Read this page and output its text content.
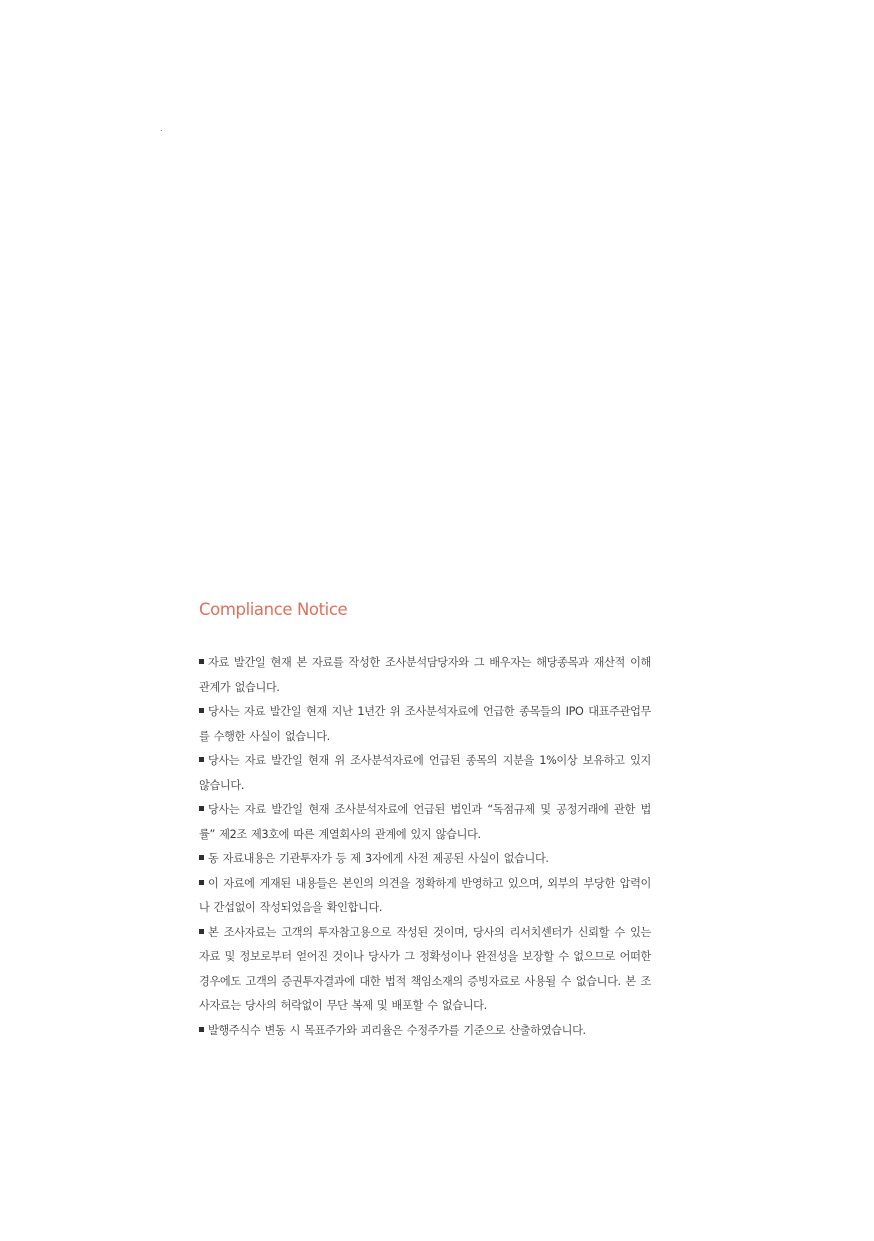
.
Compliance Notice
자료 발간일 현재 본 자료를 작성한 조사분석담당자와 그 배우자는 해당종목과 재산적 이해관계가 없습니다.
당사는 자료 발간일 현재 지난 1년간 위 조사분석자료에 언급한 종목들의 IPO 대표주관업무를 수행한 사실이 없습니다.
당사는 자료 발간일 현재 위 조사분석자료에 언급된 종목의 지분을 1%이상 보유하고 있지 않습니다.
당사는 자료 발간일 현재 조사분석자료에 언급된 법인과 “독점규제 및 공정거래에 관한 법률” 제2조 제3호에 따른 계열회사의 관계에 있지 않습니다.
동 자료내용은 기관투자가 등 제 3자에게 사전 제공된 사실이 없습니다.
이 자료에 게재된 내용들은 본인의 의견을 정확하게 반영하고 있으며, 외부의 부당한 압력이나 간섭없이 작성되었음을 확인합니다.
본 조사자료는 고객의 투자참고용으로 작성된 것이며, 당사의 리서치센터가 신뢰할 수 있는 자료 및 정보로부터 얻어진 것이나 당사가 그 정확성이나 완전성을 보장할 수 없으므로 어떠한 경우에도 고객의 증권투자결과에 대한 법적 책임소재의 증빙자료로 사용될 수 없습니다. 본 조사자료는 당사의 허락없이 무단 복제 및 배포할 수 없습니다.
발행주식수 변동 시 목표주가와 괴리율은 수정주가를 기준으로 산출하였습니다.
